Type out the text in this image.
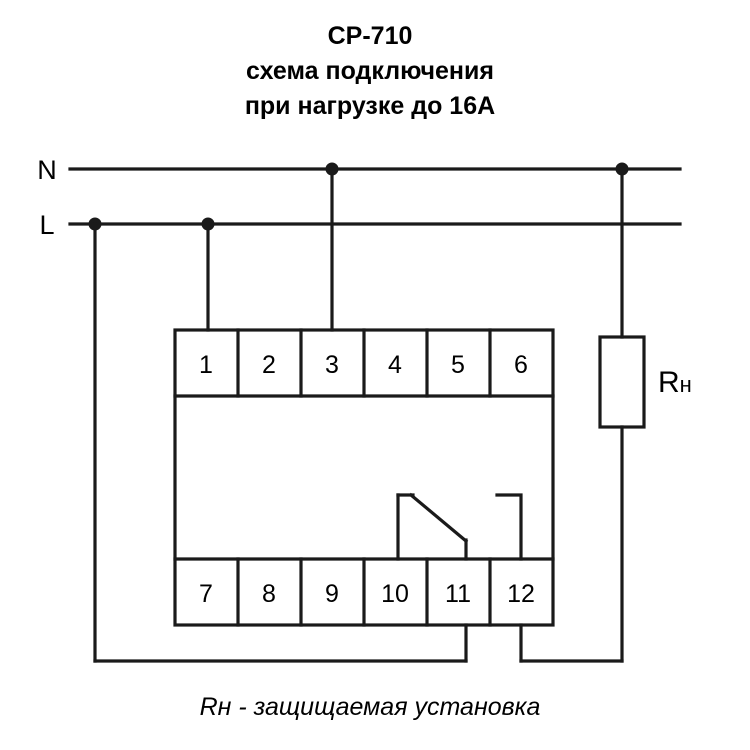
CP-710
схема подключения
при нагрузке до 16A
N
L
Rн
1 2 3 4 5 6
7 8 9 10 11 12
Rн - защищаемая установка
